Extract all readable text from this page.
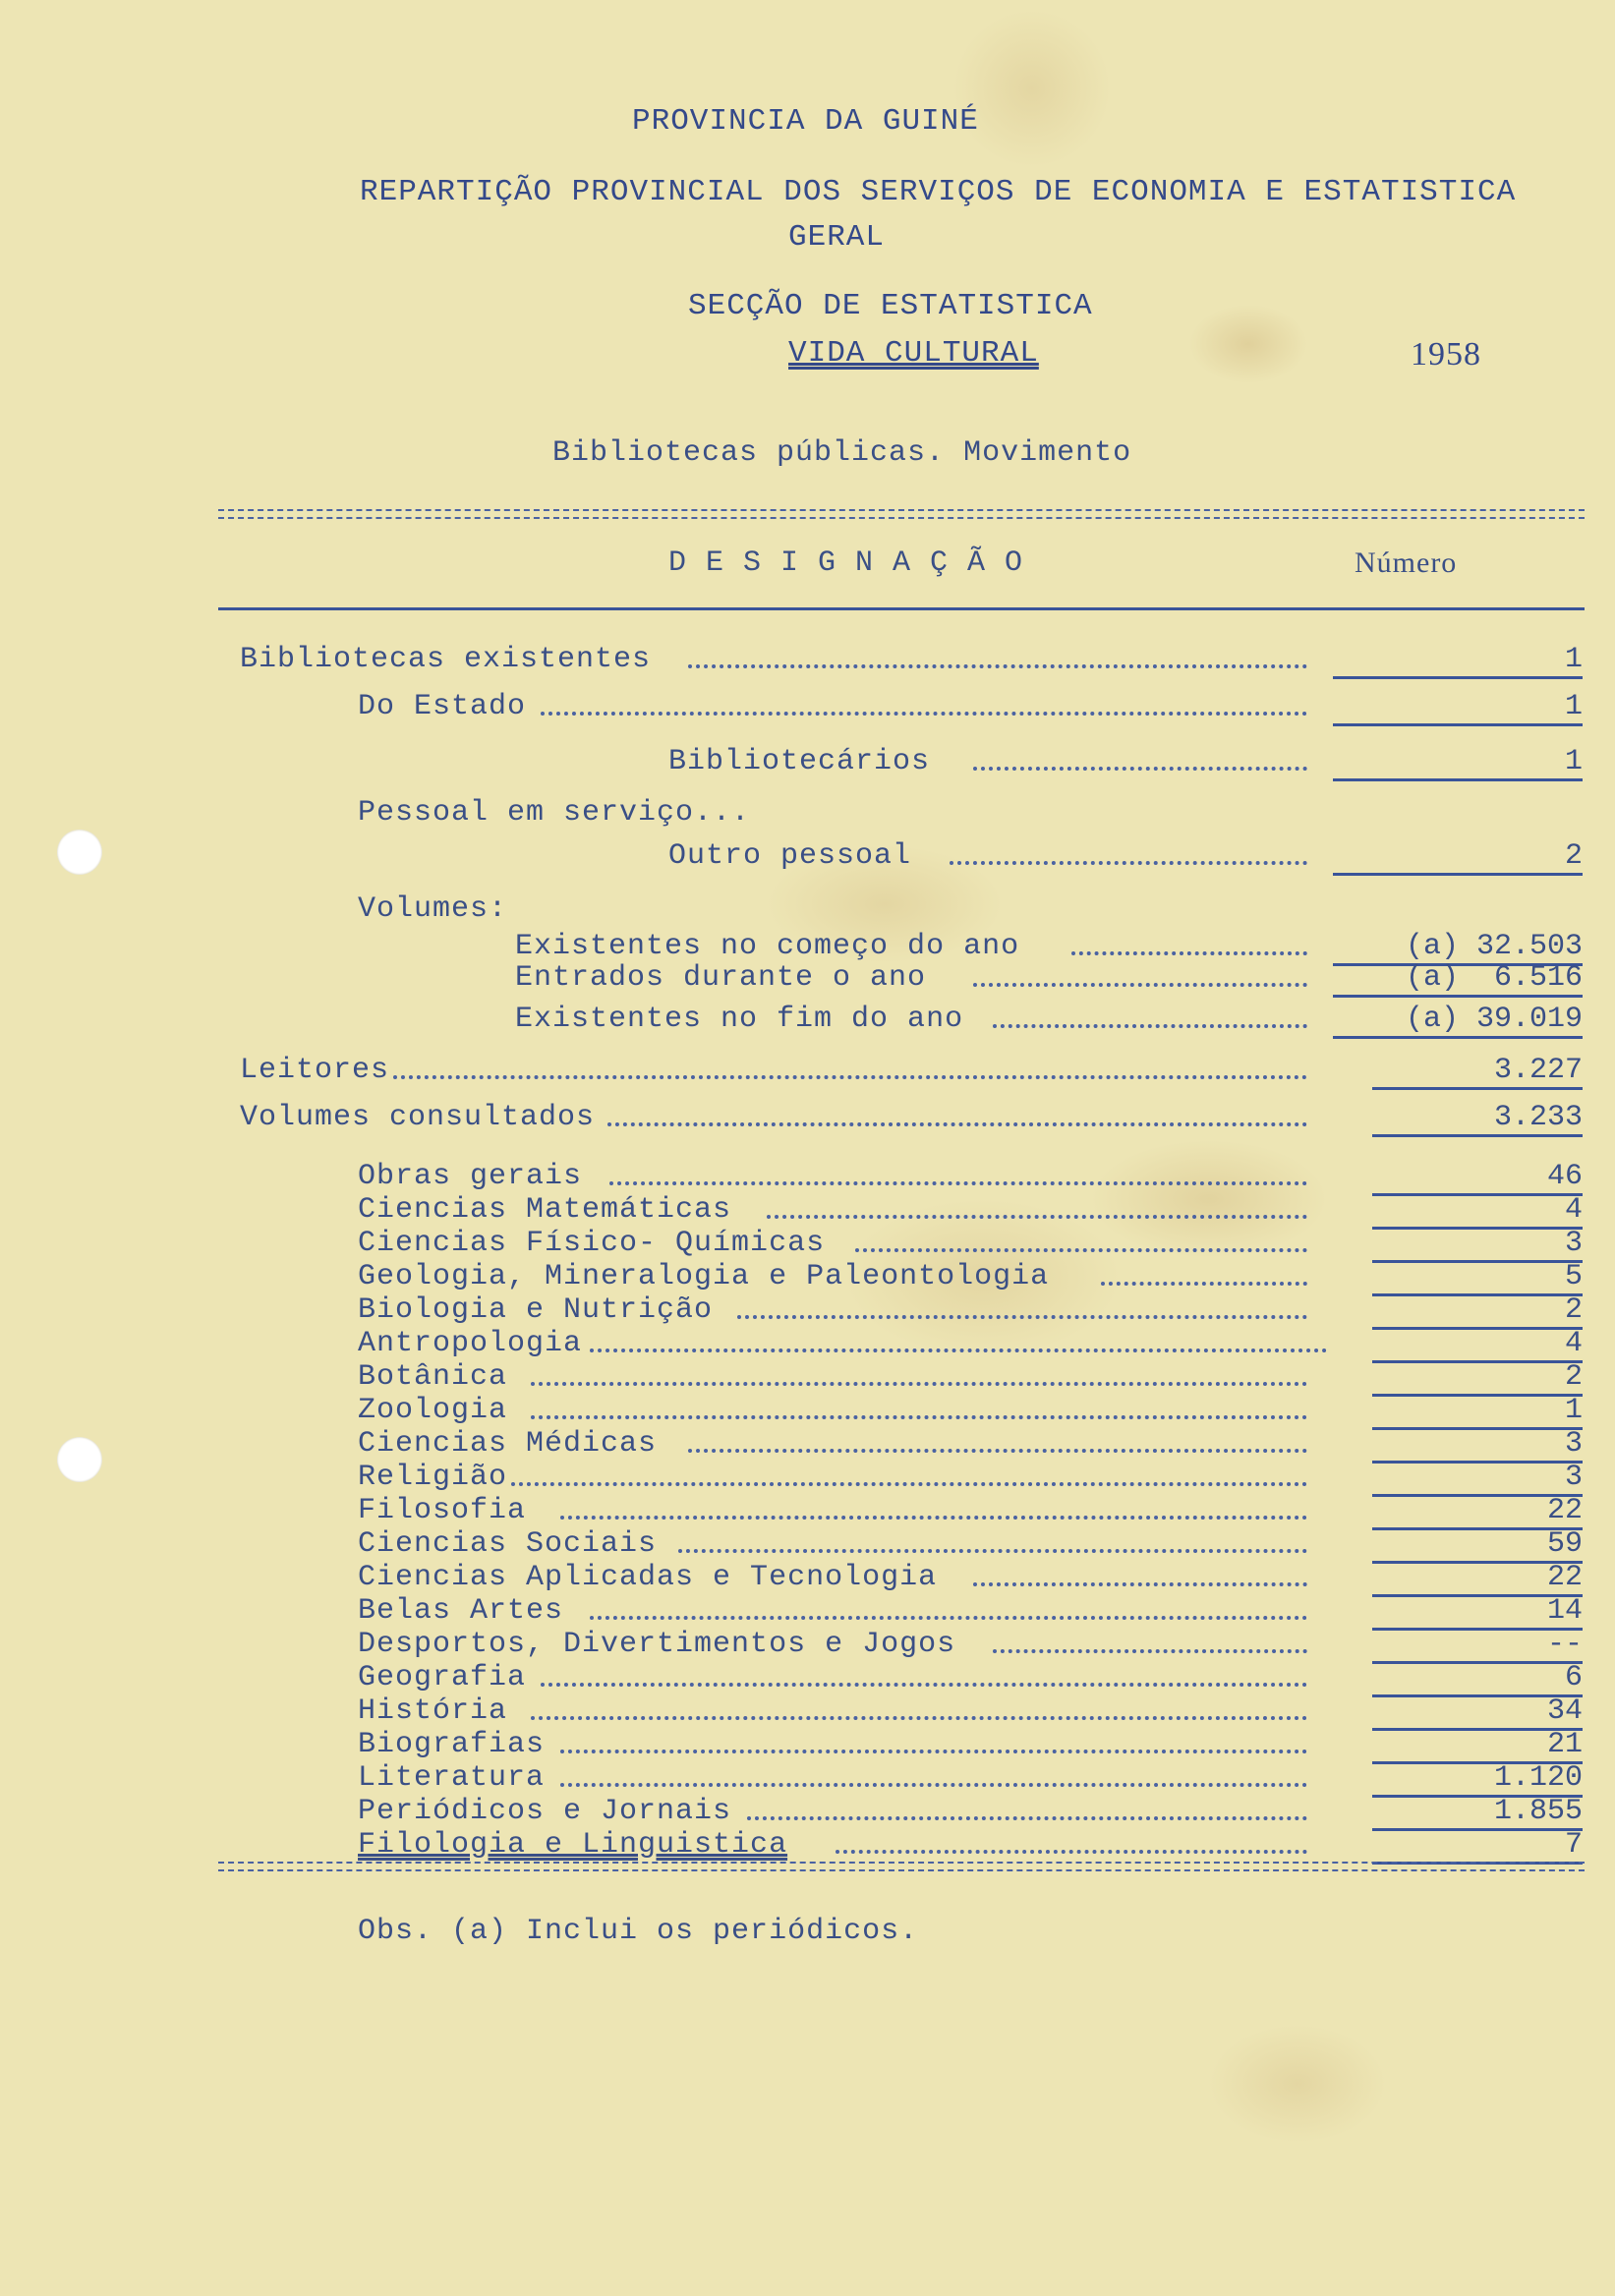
PROVINCIA DA GUINÉ
REPARTIÇÃO PROVINCIAL DOS SERVIÇOS DE ECONOMIA E ESTATISTICA
GERAL
SECÇÃO DE ESTATISTICA
VIDA CULTURAL	1958
Bibliotecas públicas. Movimento
D E S I G N A Ç Ã O	Número
Bibliotecas existentes	1
Do Estado	1
Bibliotecários	1
Pessoal em serviço...
Outro pessoal	2
Volumes:
Existentes no começo do ano	(a) 32.503
Entrados durante o ano	(a)  6.516
Existentes no fim do ano	(a) 39.019
Leitores	3.227
Volumes consultados	3.233
Obras gerais	46
Ciencias Matemáticas	4
Ciencias Físico- Químicas	3
Geologia, Mineralogia e Paleontologia	5
Biologia e Nutrição	2
Antropologia	4
Botânica	2
Zoologia	1
Ciencias Médicas	3
Religião	3
Filosofia	22
Ciencias Sociais	59
Ciencias Aplicadas e Tecnologia	22
Belas Artes	14
Desportos, Divertimentos e Jogos	--
Geografia	6
História	34
Biografias	21
Literatura	1.120
Periódicos e Jornais	1.855
Filologia e Linguistica	7
Obs. (a) Inclui os periódicos.
